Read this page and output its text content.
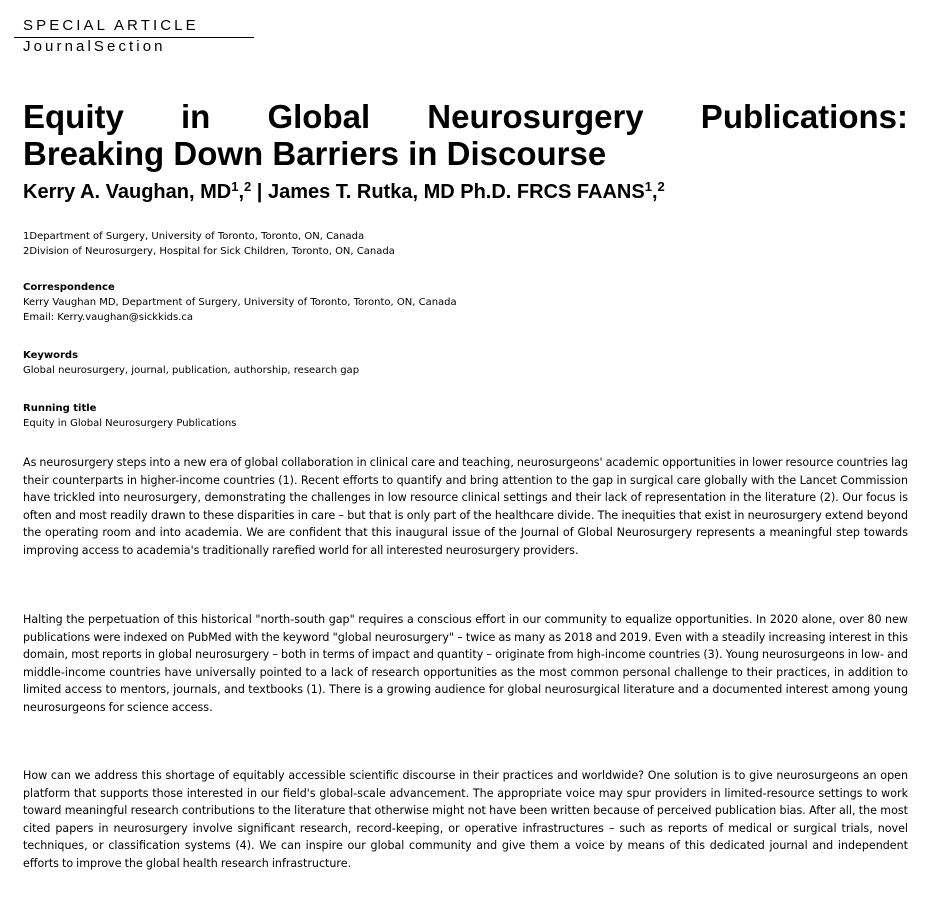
SPECIAL ARTICLE
JournalSection
Equity in Global Neurosurgery Publications:
Breaking Down Barriers in Discourse
Kerry A. Vaughan, $MD^1,^2$ | James T. Rutka, MD Ph.D. FRCS FAANS$^1$,$^2$
1Department of Surgery, University of Toronto, Toronto, ON, Canada
2Division of Neurosurgery, Hospital for Sick Children, Toronto, ON, Canada
Correspondence
Kerry Vaughan MD, Department of Surgery, University of Toronto, Toronto, ON, Canada
Email: Kerry.vaughan@sickkids.ca
Keywords
Global neurosurgery, journal, publication, authorship, research gap
Running title
Equity in Global Neurosurgery Publications

As neurosurgery steps into a new era of global collaboration in clinical care and teaching, neurosurgeons' academic opportunities in lower resource countries lag their counterparts in higher-income countries (1). Recent efforts to quantify and bring attention to the gap in surgical care globally with the Lancet Commission have trickled into neurosurgery, demonstrating the challenges in low resource clinical settings and their lack of representation in the literature (2). Our focus is often and most readily drawn to these disparities in care – but that is only part of the healthcare divide. The inequities that exist in neurosurgery extend beyond the operating room and into academia. We are confident that this inaugural issue of the Journal of Global Neurosurgery represents a meaningful step towards improving access to academia's traditionally rarefied world for all interested neurosurgery providers.

Halting the perpetuation of this historical "north-south gap" requires a conscious effort in our community to equalize opportunities. In 2020 alone, over 80 new publications were indexed on PubMed with the keyword "global neurosurgery" – twice as many as 2018 and 2019. Even with a steadily increasing interest in this domain, most reports in global neurosurgery – both in terms of impact and quantity – originate from high-income countries (3). Young neurosurgeons in low- and middle-income countries have universally pointed to a lack of research opportunities as the most common personal challenge to their practices, in addition to limited access to mentors, journals, and textbooks (1). There is a growing audience for global neurosurgical literature and a documented interest among young neurosurgeons for science access.

How can we address this shortage of equitably accessible scientific discourse in their practices and worldwide? One solution is to give neurosurgeons an open platform that supports those interested in our field's global-scale advancement. The appropriate voice may spur providers in limited-resource settings to work toward meaningful research contributions to the literature that otherwise might not have been written because of perceived publication bias. After all, the most cited papers in neurosurgery involve significant research, record-keeping, or operative infrastructures – such as reports of medical or surgical trials, novel techniques, or classification systems (4). We can inspire our global community and give them a voice by means of this dedicated journal and independent efforts to improve the global health research infrastructure.
